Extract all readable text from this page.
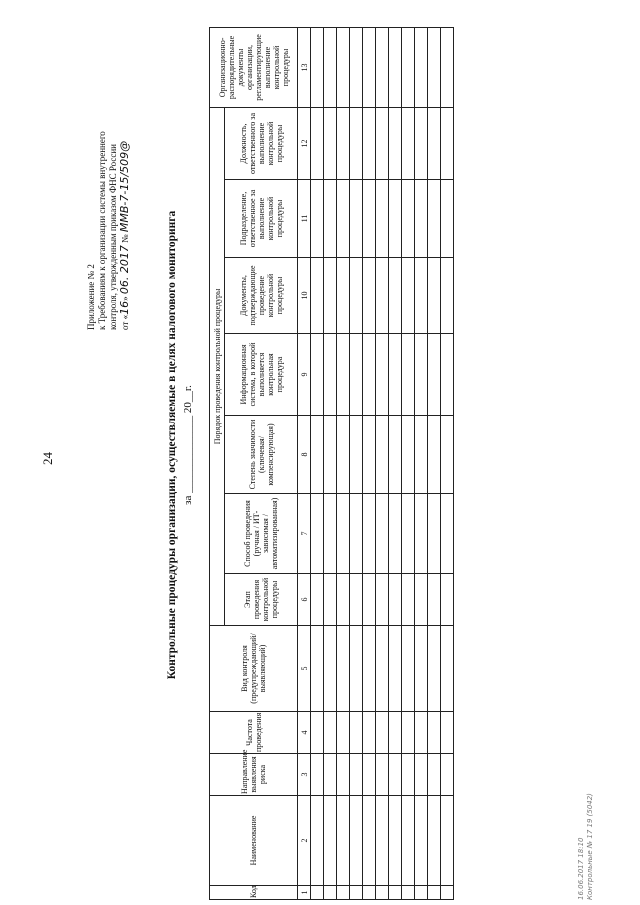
24
Приложение № 2 к Требованиям к организации системы внутреннего контроля, утвержденным приказом ФНС России от «16» 06. 2017 № ММВ-7-15/509@
Контрольные процедуры организации, осуществляемые в целях налогового мониторинга за ______________ 20__г.
Код	Наименование	Направление выявления риска	Частота проведения	Вид контроля (предупреждающий/ выявляющий)	Порядок проведения контрольной процедуры							Организационно-распорядительные документы организации, регламентирующие выполнение контрольной процедуры
					Этап проведения контрольной процедуры	Способ проведения (ручная / ИТ-зависимая / автоматизированная)	Степень значимости (ключевая/ компенсирующая)	Информационная система, в которой выполняется контрольная процедура	Документы, подтверждающие проведение контрольной процедуры	Подразделение, ответственное за выполнение контрольной процедуры	Должность, ответственного за выполнение контрольной процедуры	
1	2	3	4	5	6	7	8	9	10	11	12	13

16.06.2017 18:10 Контрольные № 17 19 (5042)
